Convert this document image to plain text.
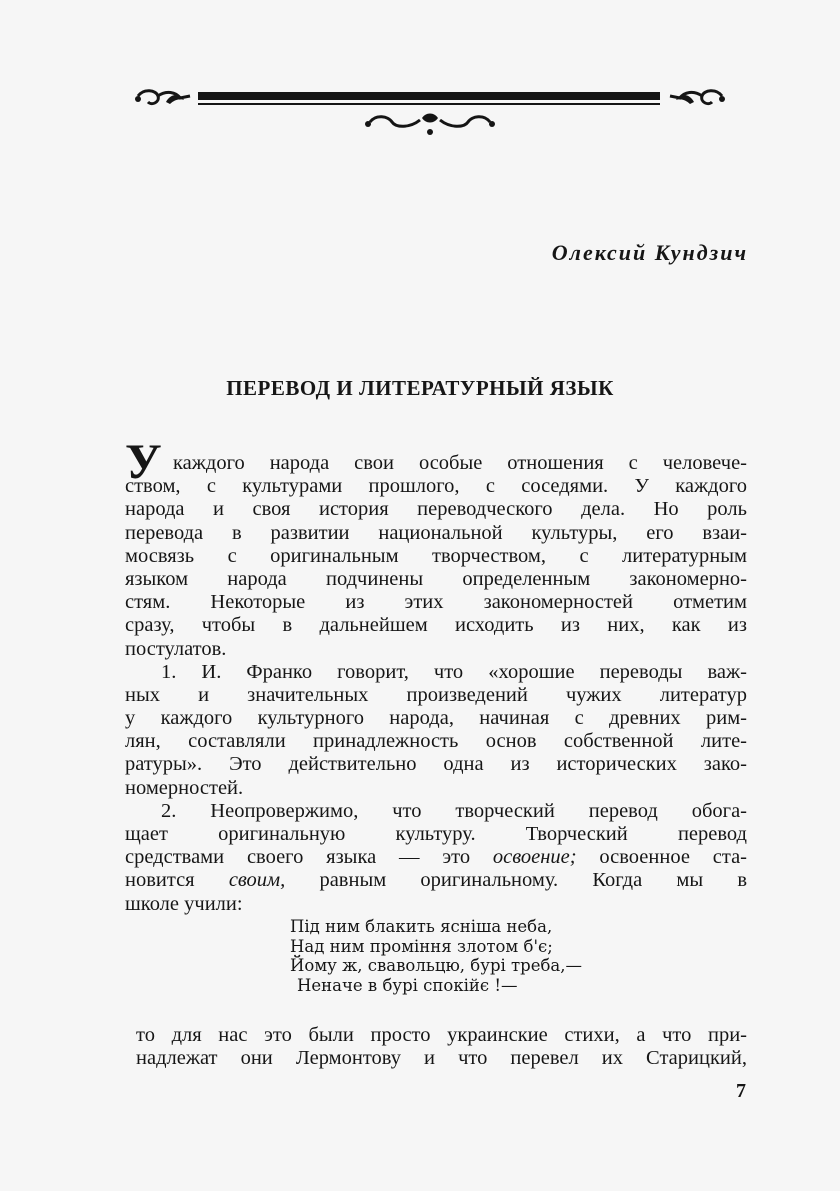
Олексий Кундзич
ПЕРЕВОД И ЛИТЕРАТУРНЫЙ ЯЗЫК
У каждого народа свои особые отношения с человече-
ством, с культурами прошлого, с соседями. У каждого
народа и своя история переводческого дела. Но роль
перевода в развитии национальной культуры, его взаи-
мосвязь с оригинальным творчеством, с литературным
языком народа подчинены определенным закономерно-
стям. Некоторые из этих закономерностей отметим
сразу, чтобы в дальнейшем исходить из них, как из
постулатов.
1. И. Франко говорит, что «хорошие переводы важ-
ных и значительных произведений чужих литератур
у каждого культурного народа, начиная с древних рим-
лян, составляли принадлежность основ собственной лите-
ратуры». Это действительно одна из исторических зако-
номерностей.
2. Неопровержимо, что творческий перевод обога-
щает оригинальную культуру. Творческий перевод
средствами своего языка — это освоение; освоенное ста-
новится своим, равным оригинальному. Когда мы в
школе учили:
Під ним блакить ясніша неба,
Над ним проміння злотом б'є;
Йому ж, свавольцю, бурі треба,—
Неначе в бурі спокійє !—
то для нас это были просто украинские стихи, а что при-
надлежат они Лермонтову и что перевел их Старицкий,
7
